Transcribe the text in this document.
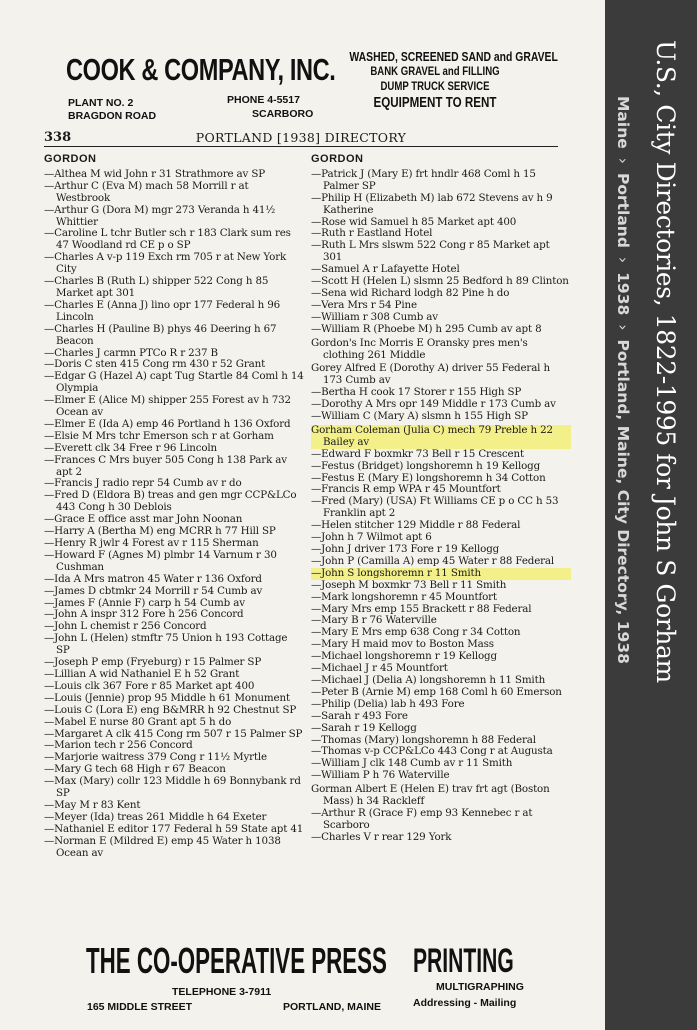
COOK & COMPANY, INC.
PLANT NO. 2
BRAGDON ROAD
PHONE 4-5517
SCARBORO
WASHED, SCREENED SAND and GRAVEL
BANK GRAVEL and FILLING
DUMP TRUCK SERVICE
EQUIPMENT TO RENT
338	PORTLAND [1938] DIRECTORY
GORDON
—Althea M wid John r 31 Strathmore av SP
—Arthur C (Eva M) mach 58 Morrill r at Westbrook
—Arthur G (Dora M) mgr 273 Veranda h 41½ Whittier
—Caroline L tchr Butler sch r 183 Clark sum res 47 Woodland rd CE p o SP
—Charles A v-p 119 Exch rm 705 r at New York City
—Charles B (Ruth L) shipper 522 Cong h 85 Market apt 301
—Charles E (Anna J) lino opr 177 Federal h 96 Lincoln
—Charles H (Pauline B) phys 46 Deering h 67 Beacon
—Charles J carmn PTCo R r 237 B
—Doris C sten 415 Cong rm 430 r 52 Grant
—Edgar G (Hazel A) capt Tug Startle 84 Coml h 14 Olympia
—Elmer E (Alice M) shipper 255 Forest av h 732 Ocean av
—Elmer E (Ida A) emp 46 Portland h 136 Oxford
—Elsie M Mrs tchr Emerson sch r at Gorham
—Everett clk 34 Free r 96 Lincoln
—Frances C Mrs buyer 505 Cong h 138 Park av apt 2
—Francis J radio repr 54 Cumb av r do
—Fred D (Eldora B) treas and gen mgr CCP&LCo 443 Cong h 30 Deblois
—Grace E office asst mar John Noonan
—Harry A (Bertha M) eng MCRR h 77 Hill SP
—Henry R jwlr 4 Forest av r 115 Sherman
—Howard F (Agnes M) plmbr 14 Varnum r 30 Cushman
—Ida A Mrs matron 45 Water r 136 Oxford
—James D cbtmkr 24 Morrill r 54 Cumb av
—James F (Annie F) carp h 54 Cumb av
—John A inspr 312 Fore h 256 Concord
—John L chemist r 256 Concord
—John L (Helen) stmftr 75 Union h 193 Cottage SP
—Joseph P emp (Fryeburg) r 15 Palmer SP
—Lillian A wid Nathaniel E h 52 Grant
—Louis clk 367 Fore r 85 Market apt 400
—Louis (Jennie) prop 95 Middle h 61 Monument
—Louis C (Lora E) eng B&MRR h 92 Chestnut SP
—Mabel E nurse 80 Grant apt 5 h do
—Margaret A clk 415 Cong rm 507 r 15 Palmer SP
—Marion tech r 256 Concord
—Marjorie waitress 379 Cong r 11½ Myrtle
—Mary G tech 68 High r 67 Beacon
—Max (Mary) collr 123 Middle h 69 Bonnybank rd SP
—May M r 83 Kent
—Meyer (Ida) treas 261 Middle h 64 Exeter
—Nathaniel E editor 177 Federal h 59 State apt 41
—Norman E (Mildred E) emp 45 Water h 1038 Ocean av
GORDON
—Patrick J (Mary E) frt hndlr 468 Coml h 15 Palmer SP
—Philip H (Elizabeth M) lab 672 Stevens av h 9 Katherine
—Rose wid Samuel h 85 Market apt 400
—Ruth r Eastland Hotel
—Ruth L Mrs slswm 522 Cong r 85 Market apt 301
—Samuel A r Lafayette Hotel
—Scott H (Helen L) slsmn 25 Bedford h 89 Clinton
—Sena wid Richard lodgh 82 Pine h do
—Vera Mrs r 54 Pine
—William r 308 Cumb av
—William R (Phoebe M) h 295 Cumb av apt 8
Gordon's Inc Morris E Oransky pres men's clothing 261 Middle
Gorey Alfred E (Dorothy A) driver 55 Federal h 173 Cumb av
—Bertha H cook 17 Storer r 155 High SP
—Dorothy A Mrs opr 149 Middle r 173 Cumb av
—William C (Mary A) slsmn h 155 High SP
Gorham Coleman (Julia C) mech 79 Preble h 22 Bailey av
—Edward F boxmkr 73 Bell r 15 Crescent
—Festus (Bridget) longshoremn h 19 Kellogg
—Festus E (Mary E) longshoremn h 34 Cotton
—Francis R emp WPA r 45 Mountfort
—Fred (Mary) (USA) Ft Williams CE p o CC h 53 Franklin apt 2
—Helen stitcher 129 Middle r 88 Federal
—John h 7 Wilmot apt 6
—John J driver 173 Fore r 19 Kellogg
—John P (Camilla A) emp 45 Water r 88 Federal
—John S longshoremn r 11 Smith
—Joseph M boxmkr 73 Bell r 11 Smith
—Mark longshoremn r 45 Mountfort
—Mary Mrs emp 155 Brackett r 88 Federal
—Mary B r 76 Waterville
—Mary E Mrs emp 638 Cong r 34 Cotton
—Mary H maid mov to Boston Mass
—Michael longshoremn r 19 Kellogg
—Michael J r 45 Mountfort
—Michael J (Delia A) longshoremn h 11 Smith
—Peter B (Arnie M) emp 168 Coml h 60 Emerson
—Philip (Delia) lab h 493 Fore
—Sarah r 493 Fore
—Sarah r 19 Kellogg
—Thomas (Mary) longshoremn h 88 Federal
—Thomas v-p CCP&LCo 443 Cong r at Augusta
—William J clk 148 Cumb av r 11 Smith
—William P h 76 Waterville
Gorman Albert E (Helen E) trav frt agt (Boston Mass) h 34 Rackleff
—Arthur R (Grace F) emp 93 Kennebec r at Scarboro
—Charles V r rear 129 York
THE CO-OPERATIVE PRESS PRINTING
TELEPHONE 3-7911	MULTIGRAPHING
165 MIDDLE STREET	PORTLAND, MAINE	Addressing - Mailing
U.S., City Directories, 1822-1995 for John S Gorham
Maine›Portland›1938›Portland, Maine, City Directory, 1938
